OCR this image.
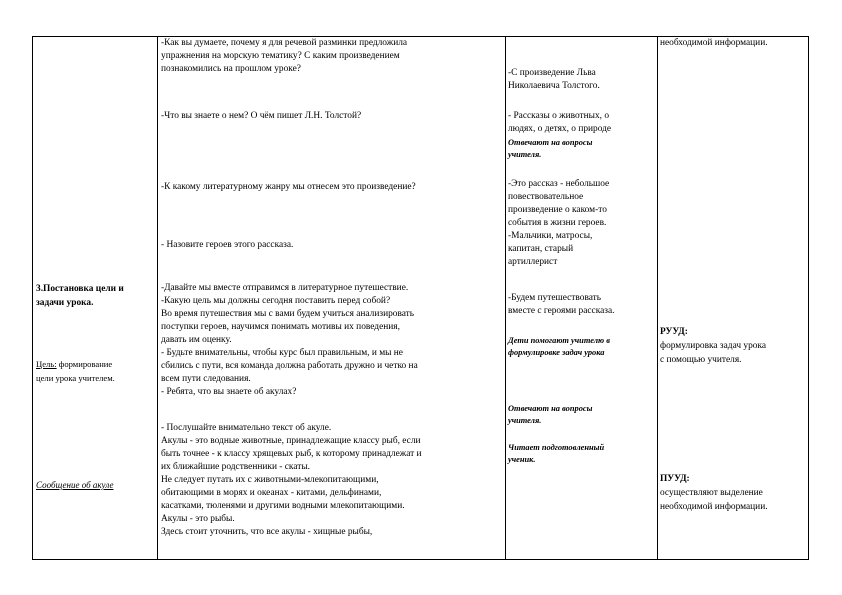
3.Постановка цели и
задачи урока.
Цель: формирование
цели урока учителем.
Сообщение об акуле
-Как вы думаете, почему я для речевой разминки предложила
упражнения на морскую тематику? С каким произведением
познакомились на прошлом уроке?
-Что вы знаете о нем? О чём пишет Л.Н. Толстой?
-К какому литературному жанру мы отнесем это произведение?
- Назовите героев этого рассказа.
-Давайте мы вместе отправимся в литературное путешествие.
-Какую цель мы должны сегодня поставить перед собой?
Во время путешествия мы с вами будем учиться анализировать
поступки героев, научимся понимать мотивы их поведения,
давать им оценку.
- Будьте внимательны, чтобы курс был правильным, и мы не
сбились с пути, вся команда должна работать дружно и четко на
всем пути следования.
- Ребята, что вы знаете об акулах?
- Послушайте внимательно текст об акуле.
Акулы - это водные животные, принадлежащие классу рыб, если
быть точнее - к классу хрящевых рыб, к которому принадлежат и
их ближайшие родственники - скаты.
Не следует путать их с животными-млекопитающими,
обитающими в морях и океанах - китами, дельфинами,
касатками, тюленями и другими водными млекопитающими.
Акулы - это рыбы.
Здесь стоит уточнить, что все акулы - хищные рыбы,
-С произведение Льва
Николаевича Толстого.
- Рассказы о животных, о
людях, о детях, о природе
Отвечают на вопросы
учителя.
-Это рассказ - небольшое
повествовательное
произведение о каком-то
события в жизни героев.
-Мальчики, матросы,
капитан, старый
артиллерист
-Будем путешествовать
вместе с героями рассказа.
Дети помогают учителю в
формулировке задач урока
Отвечают на вопросы
учителя.
Читает подготовленный
ученик.
необходимой информации.
РУУД:
формулировка задач урока
с помощью учителя.
ПУУД:
осуществляют выделение
необходимой информации.
